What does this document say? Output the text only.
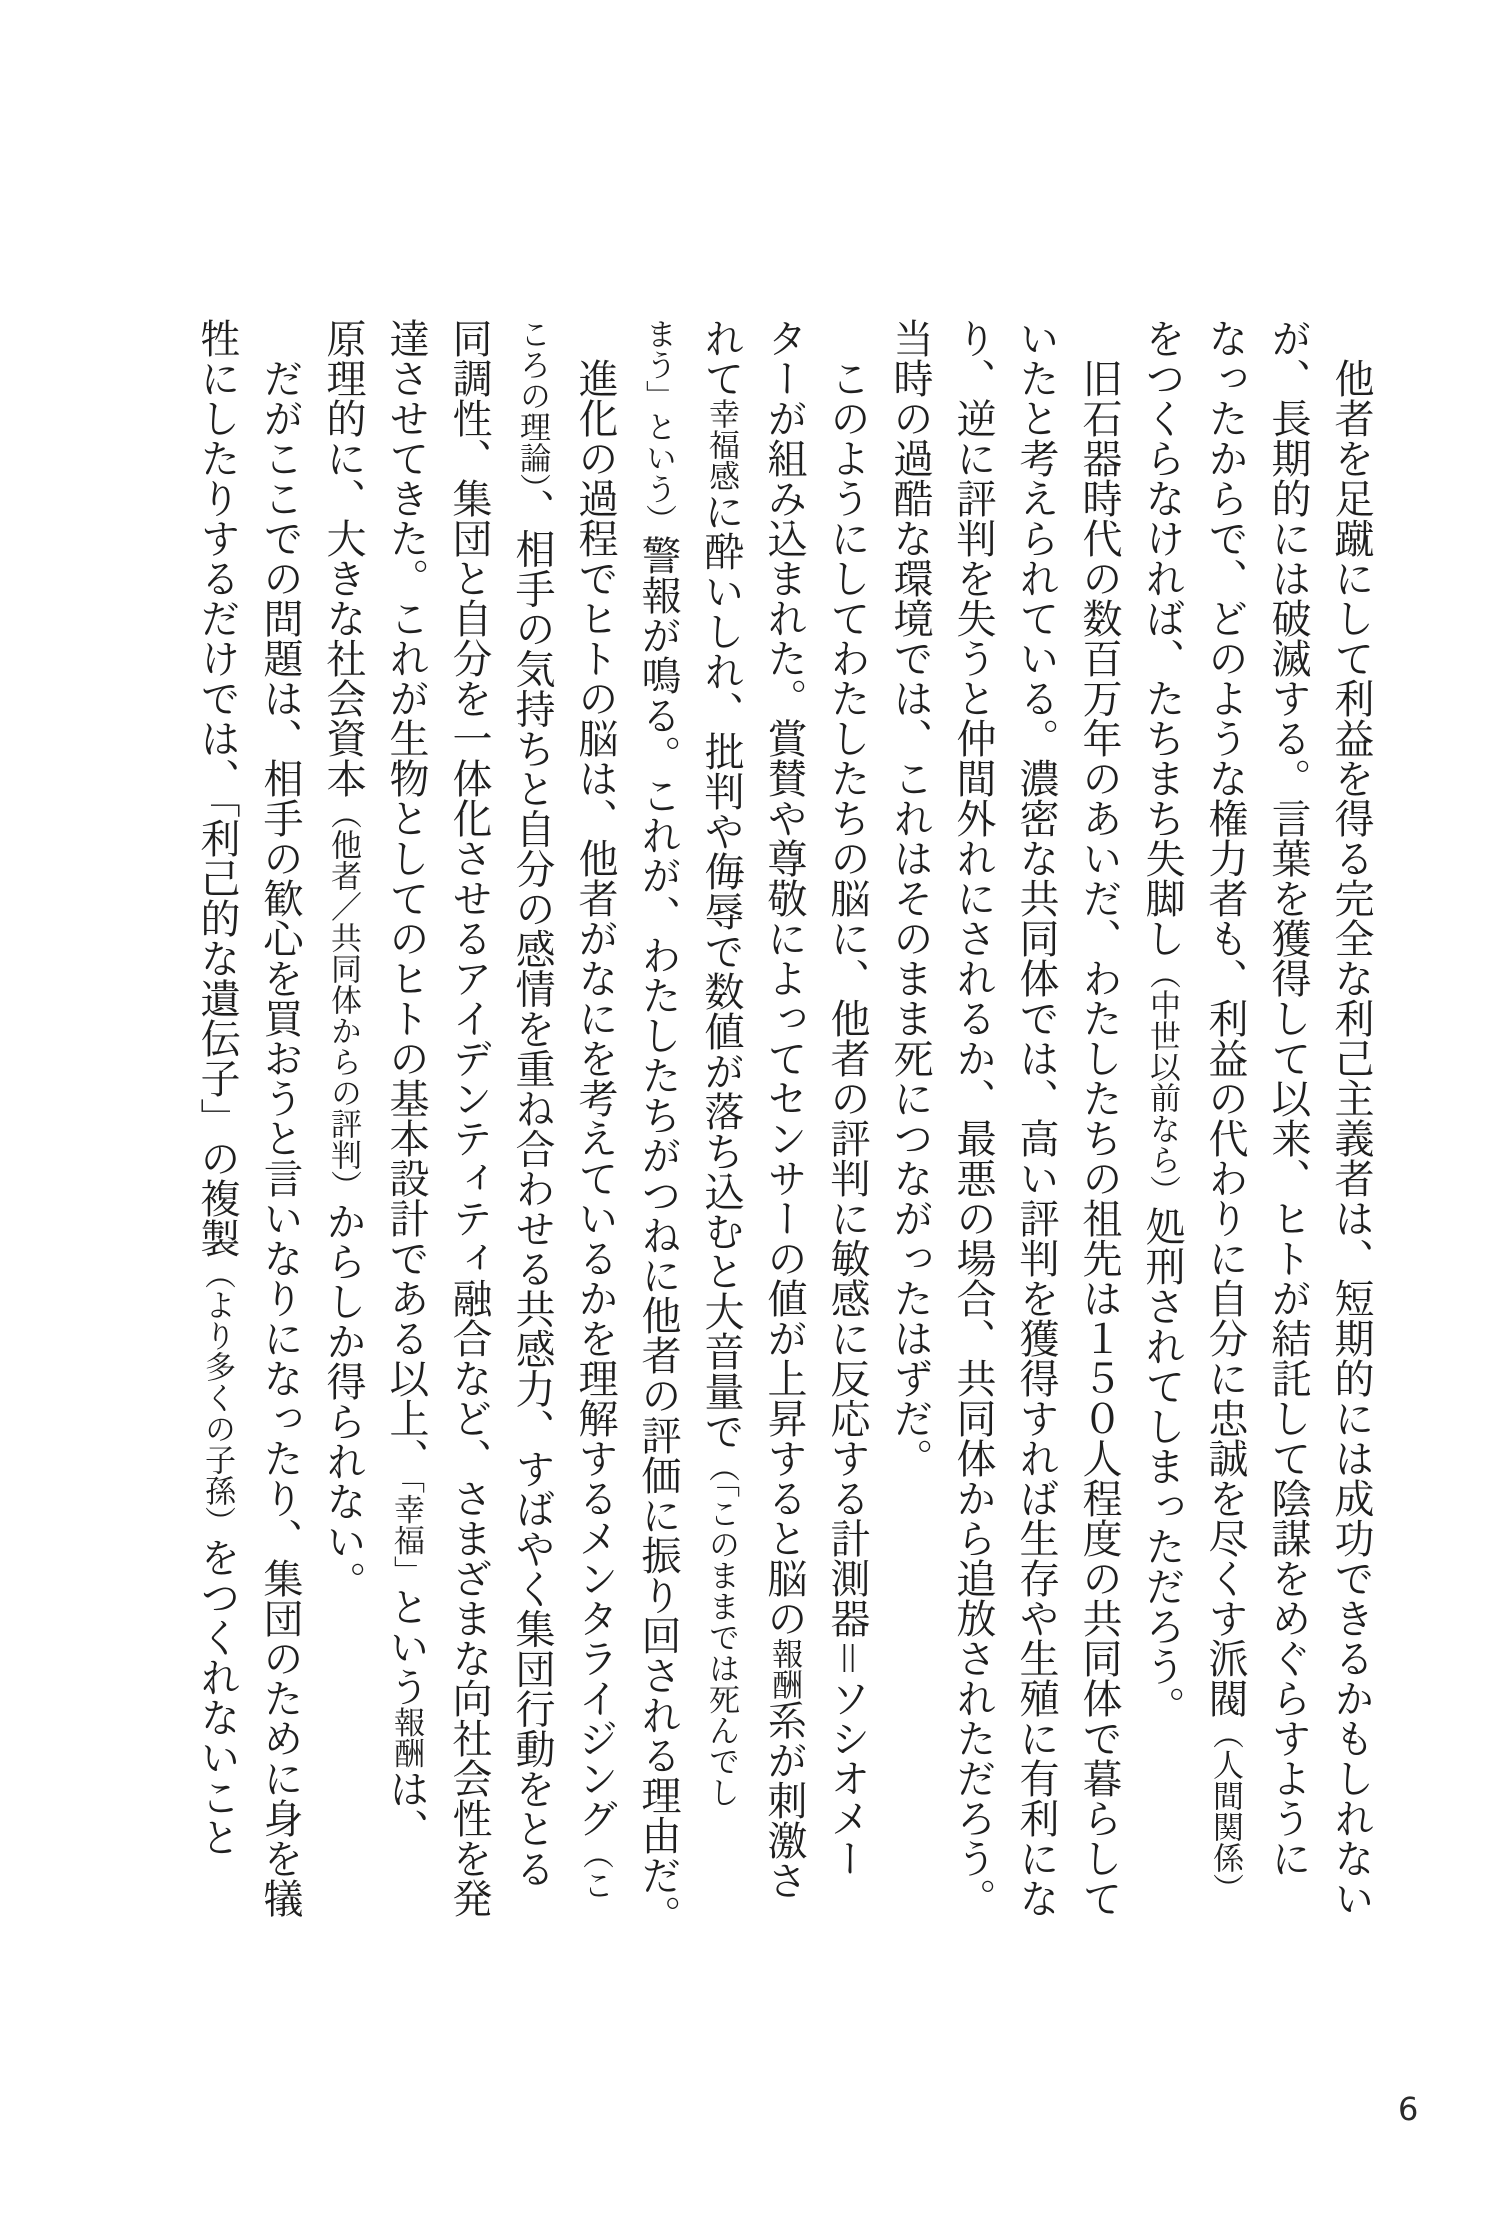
　他者を足蹴にして利益を得る完全な利己主義者は、短期的には成功できるかもしれない
が、長期的には破滅する。言葉を獲得して以来、ヒトが結託して陰謀をめぐらすように
なったからで、どのような権力者も、利益の代わりに自分に忠誠を尽くす派閥（人間関係）
をつくらなければ、たちまち失脚し（中世以前なら）処刑されてしまっただろう。
　旧石器時代の数百万年のあいだ、わたしたちの祖先は１５０人程度の共同体で暮らして
いたと考えられている。濃密な共同体では、高い評判を獲得すれば生存や生殖に有利にな
り、逆に評判を失うと仲間外れにされるか、最悪の場合、共同体から追放されただろう。
当時の過酷な環境では、これはそのまま死につながったはずだ。
　このようにしてわたしたちの脳に、他者の評判に敏感に反応する計測器＝ソシオメー
ターが組み込まれた。賞賛や尊敬によってセンサーの値が上昇すると脳の報酬系が刺激さ
れて幸福感に酔いしれ、批判や侮辱で数値が落ち込むと大音量で（「このままでは死んでし
まう」という）警報が鳴る。これが、わたしたちがつねに他者の評価に振り回される理由だ。
　進化の過程でヒトの脳は、他者がなにを考えているかを理解するメンタライジング（こ
ころの理論）、相手の気持ちと自分の感情を重ね合わせる共感力、すばやく集団行動をとる
同調性、集団と自分を一体化させるアイデンティティ融合など、さまざまな向社会性を発
達させてきた。これが生物としてのヒトの基本設計である以上、「幸福」という報酬は、
原理的に、大きな社会資本（他者／共同体からの評判）からしか得られない。
　だがここでの問題は、相手の歓心を買おうと言いなりになったり、集団のために身を犠
牲にしたりするだけでは、「利己的な遺伝子」の複製（より多くの子孫）をつくれないこと
6
